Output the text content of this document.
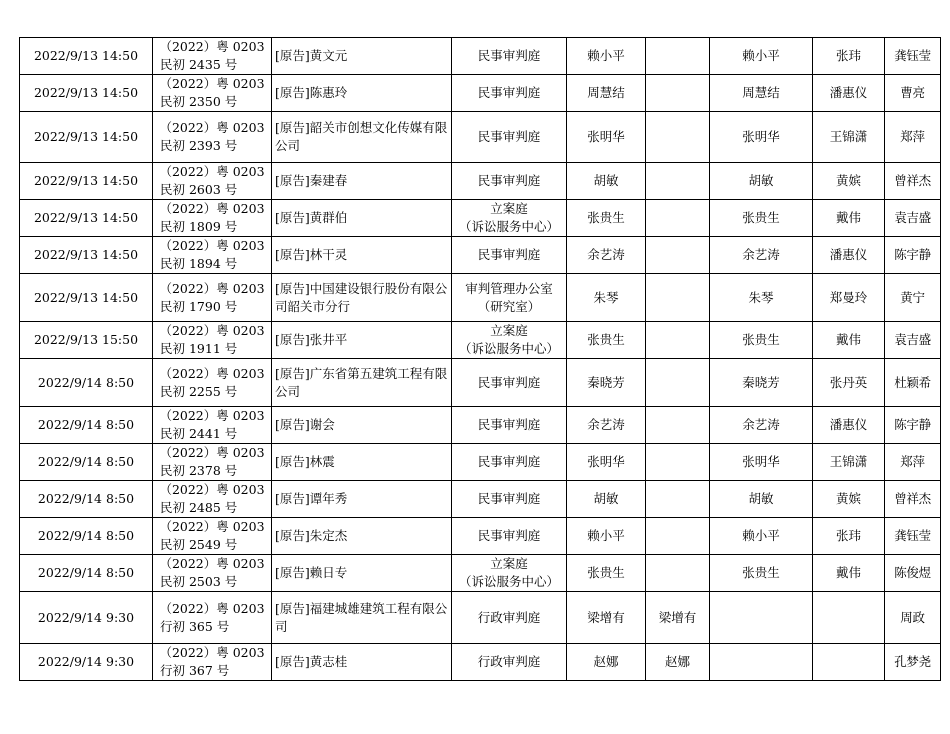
2022/9/13 14:50	（2022）粤 0203
民初 2435 号	[原告]黄文元	民事审判庭	赖小平		赖小平	张玮	龚钰莹
2022/9/13 14:50	（2022）粤 0203
民初 2350 号	[原告]陈惠玲	民事审判庭	周慧结		周慧结	潘惠仪	曹亮
2022/9/13 14:50	（2022）粤 0203
民初 2393 号	[原告]韶关市创想文化传媒有限公司	民事审判庭	张明华		张明华	王锦潇	郑萍
2022/9/13 14:50	（2022）粤 0203
民初 2603 号	[原告]秦建春	民事审判庭	胡敏		胡敏	黄嫔	曾祥杰
2022/9/13 14:50	（2022）粤 0203
民初 1809 号	[原告]黄群伯	立案庭
（诉讼服务中心）	张贵生		张贵生	戴伟	袁吉盛
2022/9/13 14:50	（2022）粤 0203
民初 1894 号	[原告]林干灵	民事审判庭	余艺涛		余艺涛	潘惠仪	陈宇静
2022/9/13 14:50	（2022）粤 0203
民初 1790 号	[原告]中国建设银行股份有限公司韶关市分行	审判管理办公室
（研究室）	朱琴		朱琴	郑曼玲	黄宁
2022/9/13 15:50	（2022）粤 0203
民初 1911 号	[原告]张井平	立案庭
（诉讼服务中心）	张贵生		张贵生	戴伟	袁吉盛
2022/9/14 8:50	（2022）粤 0203
民初 2255 号	[原告]广东省第五建筑工程有限公司	民事审判庭	秦晓芳		秦晓芳	张丹英	杜颖希
2022/9/14 8:50	（2022）粤 0203
民初 2441 号	[原告]谢会	民事审判庭	余艺涛		余艺涛	潘惠仪	陈宇静
2022/9/14 8:50	（2022）粤 0203
民初 2378 号	[原告]林震	民事审判庭	张明华		张明华	王锦潇	郑萍
2022/9/14 8:50	（2022）粤 0203
民初 2485 号	[原告]谭年秀	民事审判庭	胡敏		胡敏	黄嫔	曾祥杰
2022/9/14 8:50	（2022）粤 0203
民初 2549 号	[原告]朱定杰	民事审判庭	赖小平		赖小平	张玮	龚钰莹
2022/9/14 8:50	（2022）粤 0203
民初 2503 号	[原告]赖日专	立案庭
（诉讼服务中心）	张贵生		张贵生	戴伟	陈俊煜
2022/9/14 9:30	（2022）粤 0203
行初 365 号	[原告]福建城雄建筑工程有限公司	行政审判庭	梁增有	梁增有			周政
2022/9/14 9:30	（2022）粤 0203
行初 367 号	[原告]黄志桂	行政审判庭	赵娜	赵娜			孔梦尧
